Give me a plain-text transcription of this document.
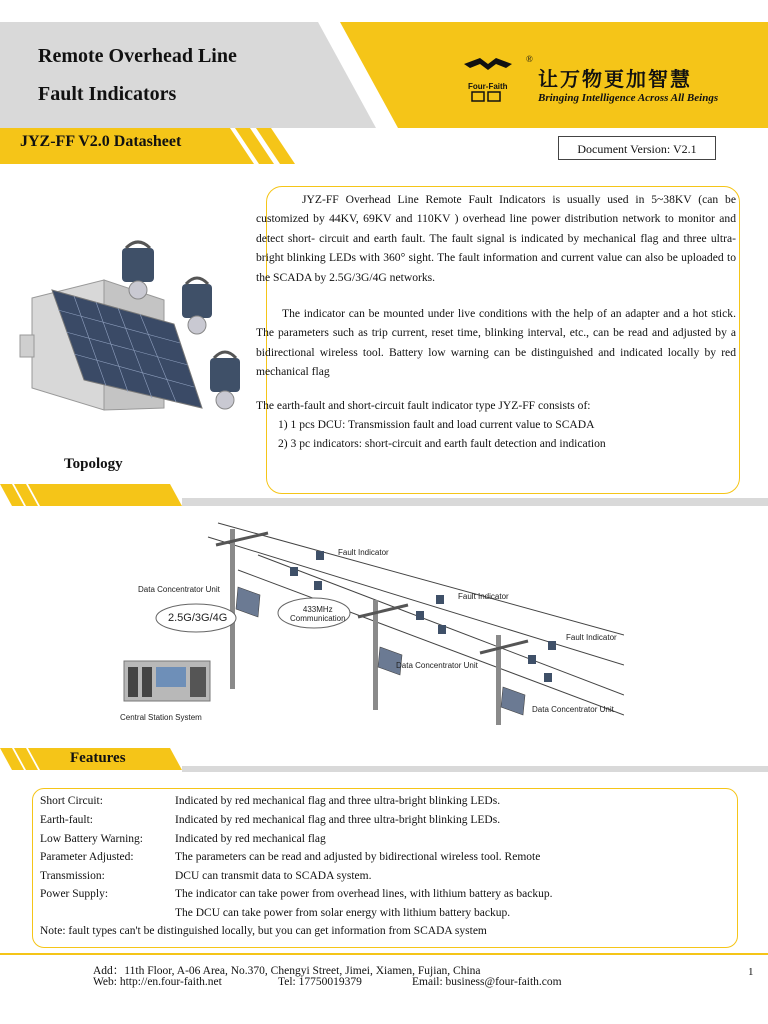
Remote Overhead Line
Fault Indicators	Four-Faith
®
让万物更加智慧
Bringing Intelligence Across All Beings
JYZ-FF V2.0 Datasheet	Document Version: V2.1

JYZ-FF Overhead Line Remote Fault Indicators is usually used in 5~38KV (can be customized by 44KV, 69KV and 110KV ) overhead line power distribution network to monitor and detect short- circuit and earth fault. The fault signal is indicated by mechanical flag and three ultra-bright blinking LEDs with 360° sight. The fault information and current value can also be uploaded to the SCADA by 2.5G/3G/4G networks.

The indicator can be mounted under live conditions with the help of an adapter and a hot stick. The parameters such as trip current, reset time, blinking interval, etc., can be read and adjusted by a bidirectional wireless tool. Battery low warning can be distinguished and indicated locally by red mechanical flag

The earth-fault and short-circuit fault indicator type JYZ-FF consists of:

1) 1 pcs DCU: Transmission fault and load current value to SCADA

2) 3 pc indicators: short-circuit and earth fault detection and indication

Topology
Fault Indicator
Fault Indicator
Fault Indicator
Data Concentrator Unit
Data Concentrator Unit
Data Concentrator Unit
433MHz
Communication
2.5G/3G/4G
Central Station System
Features
Short Circuit:	Indicated by red mechanical flag and three ultra-bright blinking LEDs.
Earth-fault:	Indicated by red mechanical flag and three ultra-bright blinking LEDs.
Low Battery Warning:	Indicated by red mechanical flag
Parameter Adjusted:	The parameters can be read and adjusted by bidirectional wireless tool. Remote
Transmission:	DCU can transmit data to SCADA system.
Power Supply:	The indicator can take power from overhead lines, with lithium battery as backup.
The DCU can take power from solar energy with lithium battery backup.
Note: fault types can't be distinguished locally, but you can get information from SCADA system
Add：11th Floor, A-06 Area, No.370, Chengyi Street, Jimei, Xiamen, Fujian, China
Web: http://en.four-faith.net	Tel: 17750019379	Email: business@four-faith.com
1
